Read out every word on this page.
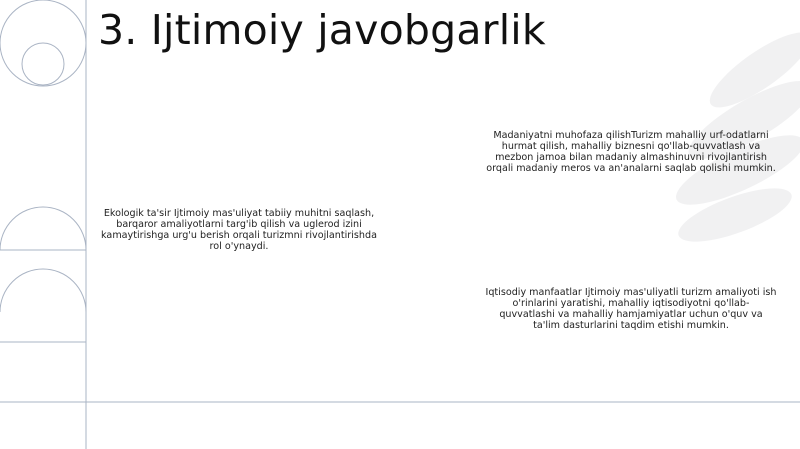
3. Ijtimoiy javobgarlik
Ekologik ta'sir Ijtimoiy mas'uliyat tabiiy muhitni saqlash, barqaror amaliyotlarni targ'ib qilish va uglerod izini kamaytirishga urg'u berish orqali turizmni rivojlantirishda rol o'ynaydi.
Madaniyatni muhofaza qilishTurizm mahalliy urf-odatlarni hurmat qilish, mahalliy biznesni qo'llab-quvvatlash va mezbon jamoa bilan madaniy almashinuvni rivojlantirish orqali madaniy meros va an'analarni saqlab qolishi mumkin.
Iqtisodiy manfaatlar Ijtimoiy mas'uliyatli turizm amaliyoti ish o'rinlarini yaratishi, mahalliy iqtisodiyotni qo'llab-quvvatlashi va mahalliy hamjamiyatlar uchun o'quv va ta'lim dasturlarini taqdim etishi mumkin.
